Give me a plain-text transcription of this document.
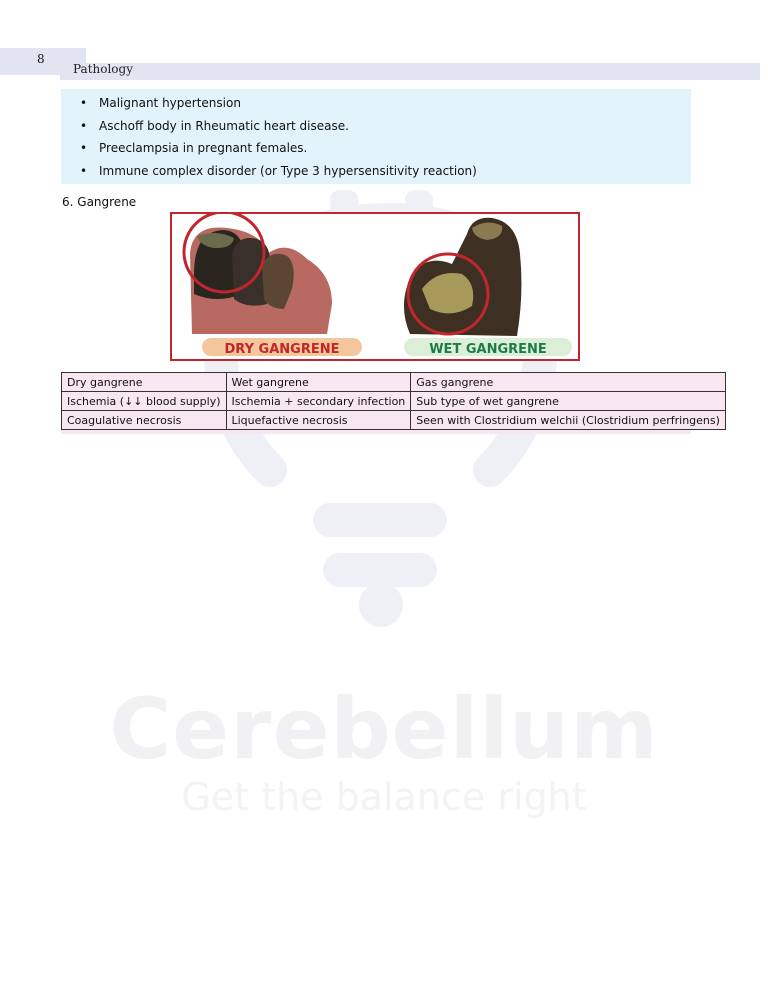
Cerebellum
Get the balance right
8
Pathology
• Malignant hypertension
• Aschoff body in Rheumatic heart disease.
• Preeclampsia in pregnant females.
• Immune complex disorder (or Type 3 hypersensitivity reaction)
6. Gangrene
DRY GANGRENE	WET GANGRENE
Dry gangrene	Wet gangrene	Gas gangrene
Ischemia (↓↓ blood supply)	Ischemia + secondary infection	Sub type of wet gangrene
Coagulative necrosis	Liquefactive necrosis	Seen with Clostridium welchii (Clostridium perfringens)
